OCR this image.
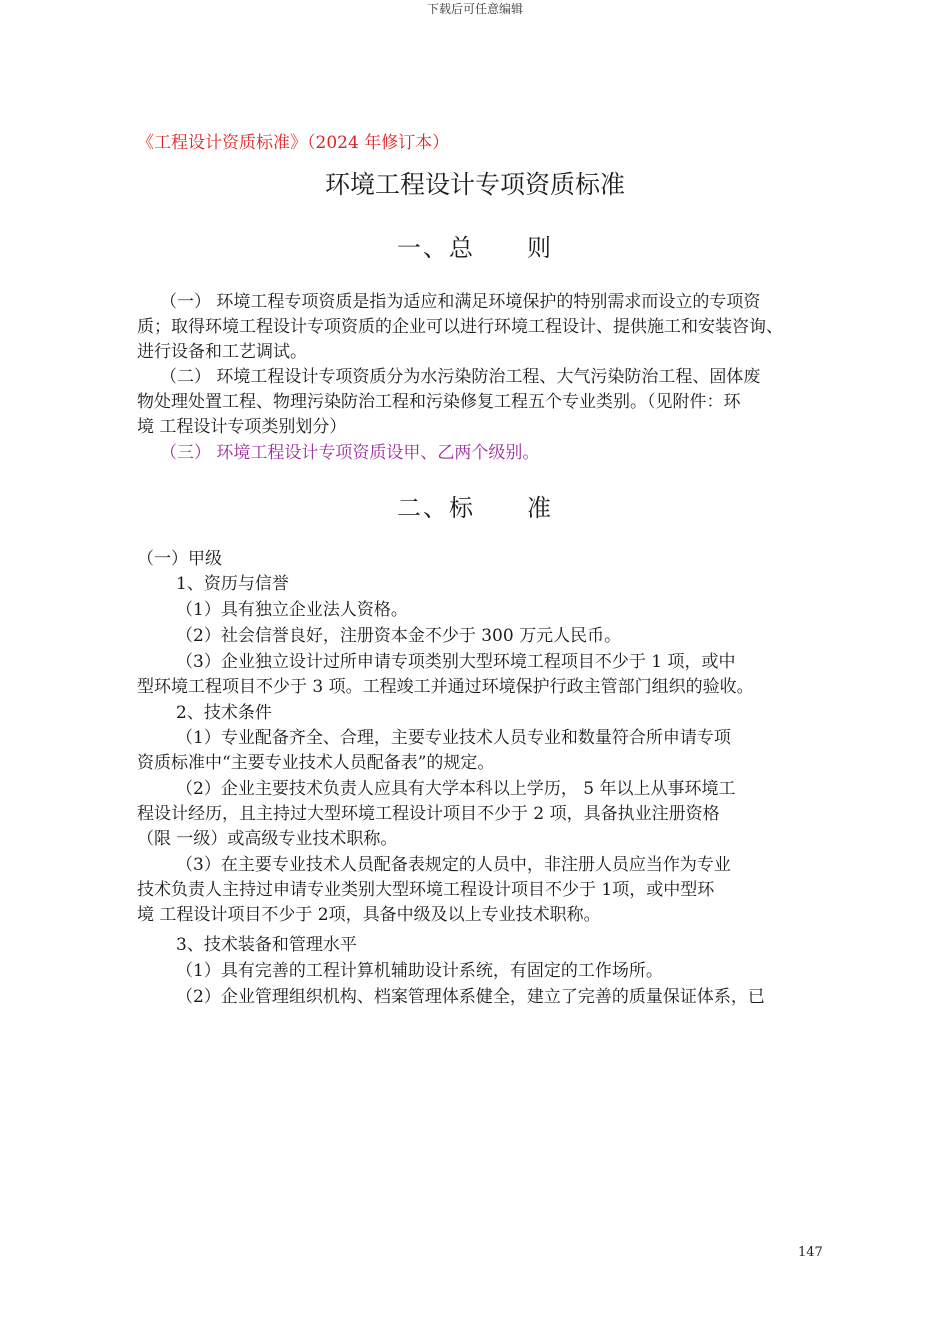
下载后可任意编辑
《工程设计资质标准》（2024 年修订本）
环境工程设计专项资质标准
一、总　　则
（一） 环境工程专项资质是指为适应和满足环境保护的特别需求而设立的专项资
质；取得环境工程设计专项资质的企业可以进行环境工程设计、提供施工和安装咨询、
进行设备和工艺调试。
（二） 环境工程设计专项资质分为水污染防治工程、大气污染防治工程、固体废
物处理处置工程、物理污染防治工程和污染修复工程五个专业类别。（见附件：环
境 工程设计专项类别划分）
（三） 环境工程设计专项资质设甲、乙两个级别。
二、标　　准
（一）甲级
1、资历与信誉
（1）具有独立企业法人资格。
（2）社会信誉良好，注册资本金不少于 300 万元人民币。
（3）企业独立设计过所申请专项类别大型环境工程项目不少于 1 项，或中
型环境工程项目不少于 3 项。工程竣工并通过环境保护行政主管部门组织的验收。
2、技术条件
（1）专业配备齐全、合理，主要专业技术人员专业和数量符合所申请专项
资质标准中“主要专业技术人员配备表”的规定。
（2）企业主要技术负责人应具有大学本科以上学历， 5 年以上从事环境工
程设计经历，且主持过大型环境工程设计项目不少于 2 项，具备执业注册资格
（限 一级）或高级专业技术职称。
（3）在主要专业技术人员配备表规定的人员中，非注册人员应当作为专业
技术负责人主持过申请专业类别大型环境工程设计项目不少于 1项，或中型环
境 工程设计项目不少于 2项，具备中级及以上专业技术职称。
3、技术装备和管理水平
（1）具有完善的工程计算机辅助设计系统，有固定的工作场所。
（2）企业管理组织机构、档案管理体系健全，建立了完善的质量保证体系，已
147
